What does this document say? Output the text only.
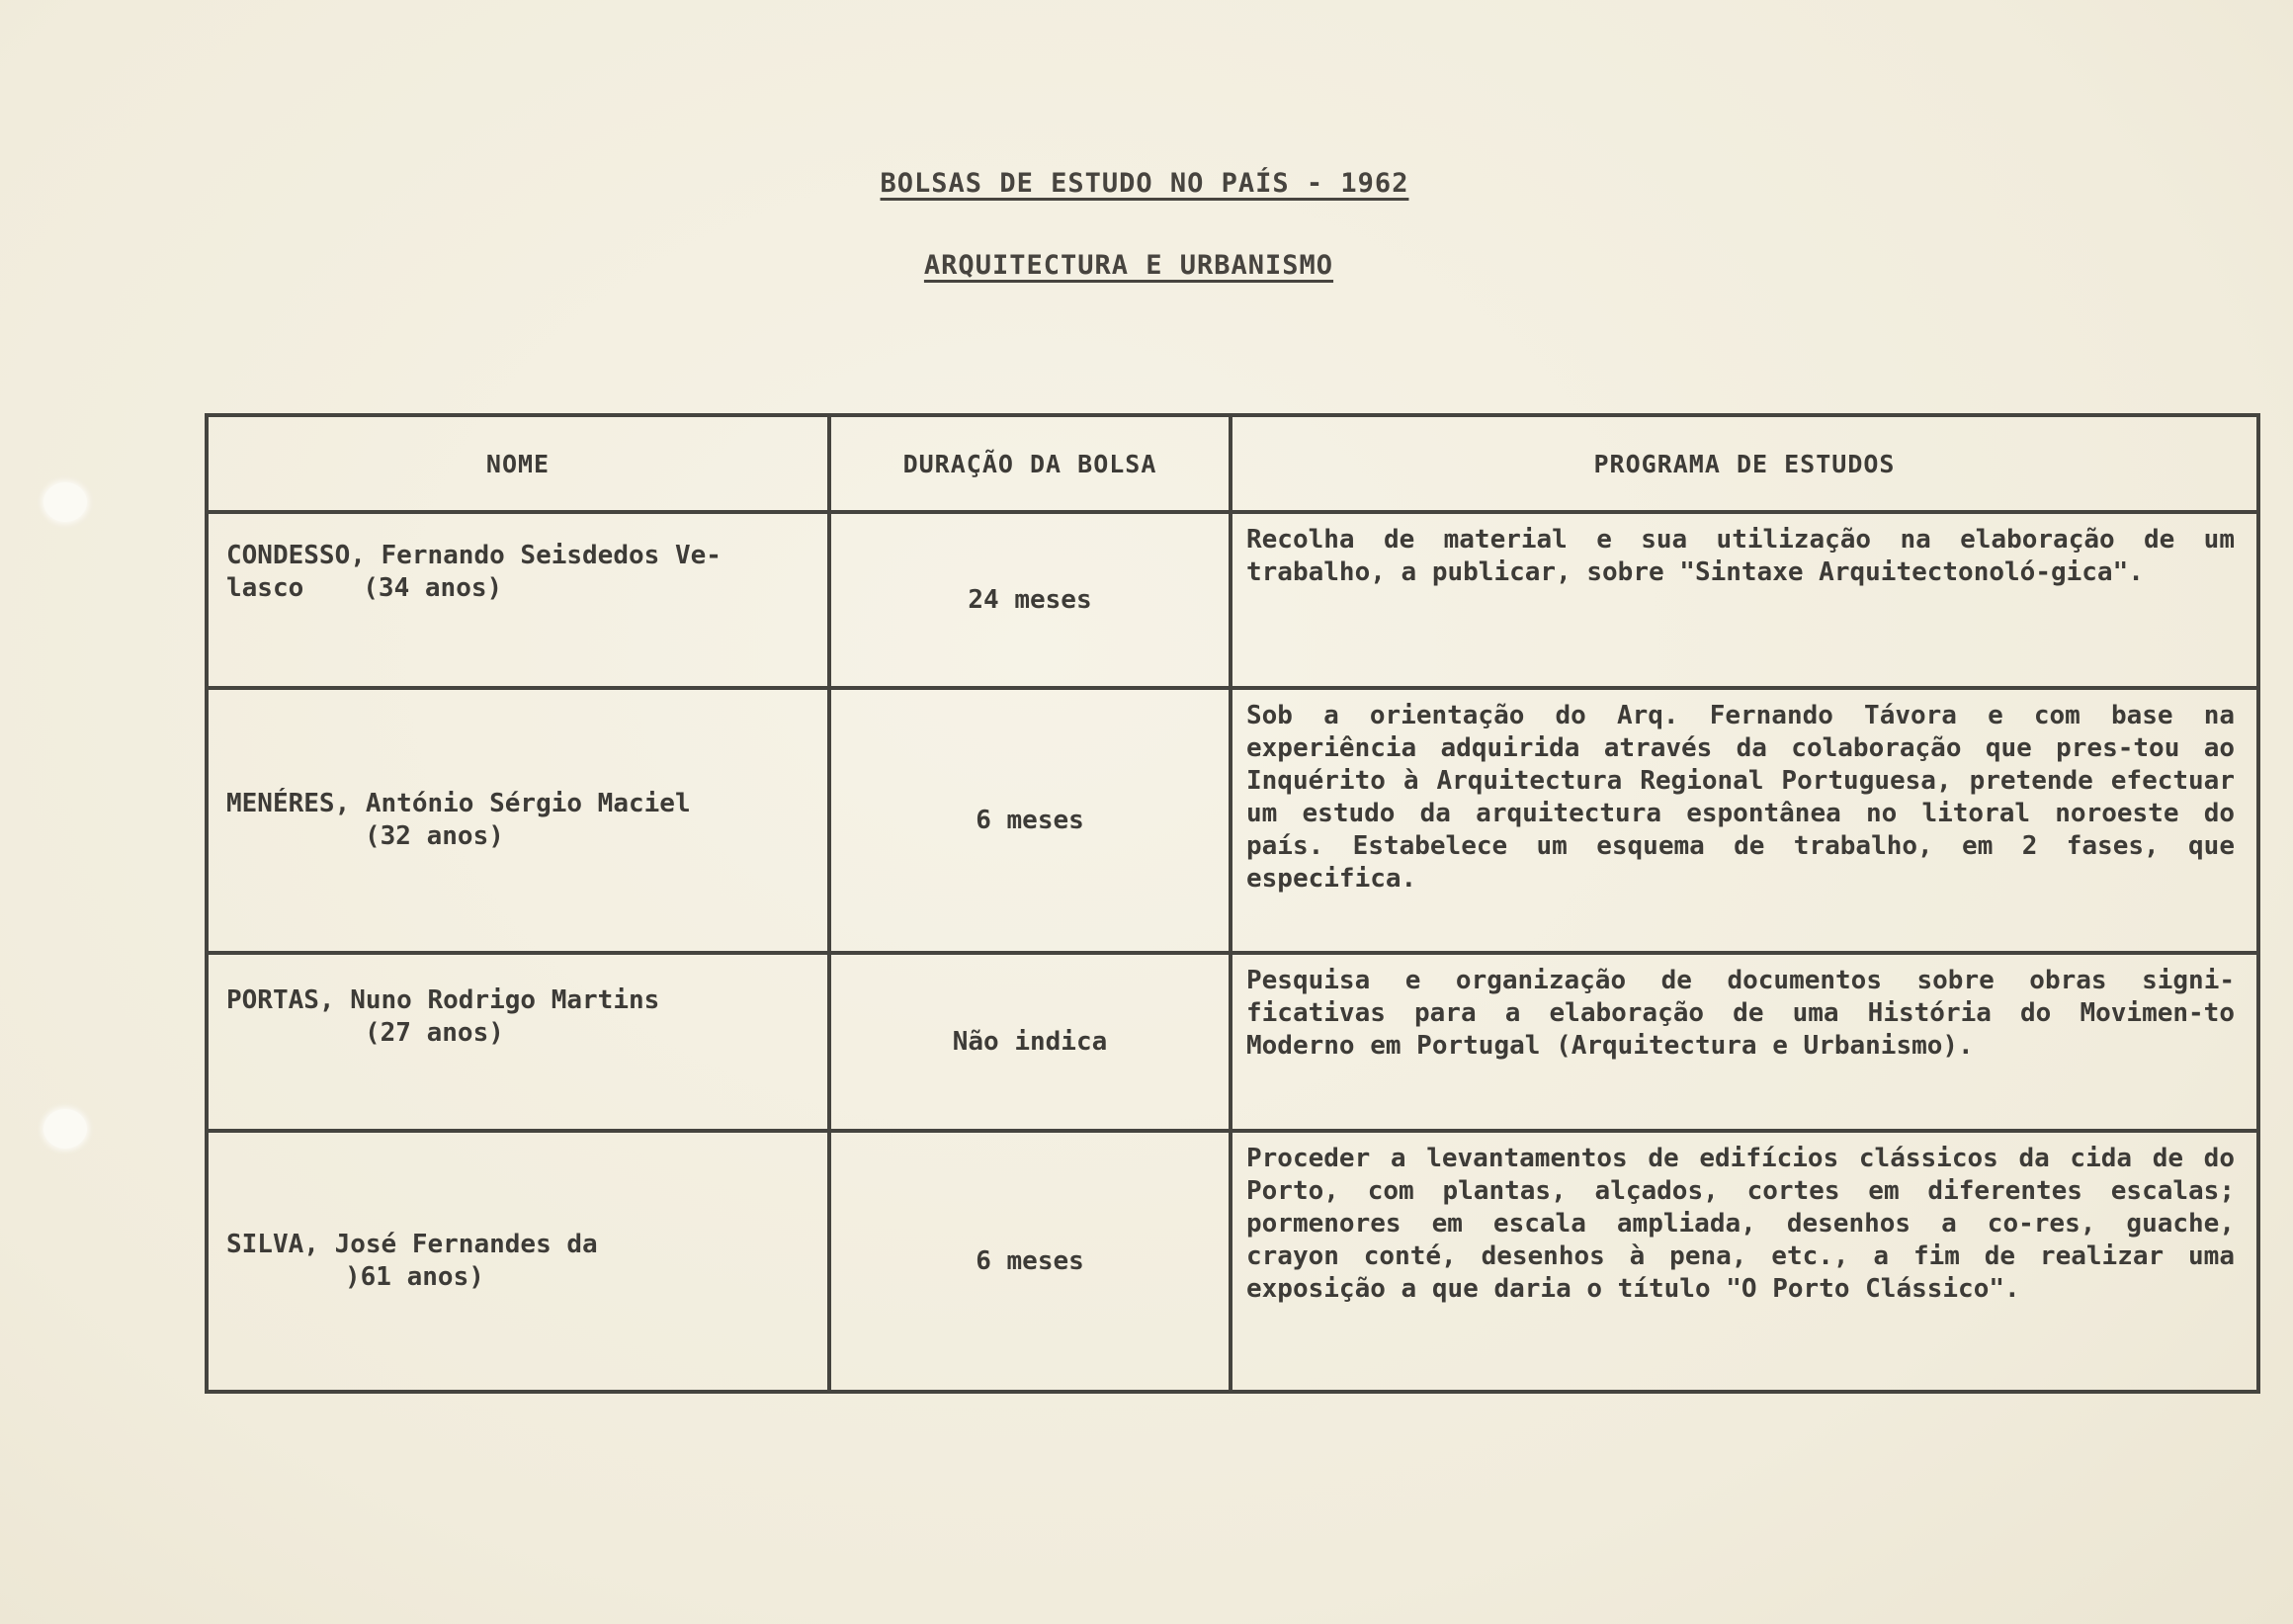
BOLSAS DE ESTUDO NO PAÍS - 1962
ARQUITECTURA E URBANISMO
NOME	DURAÇÃO DA BOLSA	PROGRAMA DE ESTUDOS

CONDESSO, Fernando Seisdedos Ve-
lasco (34 anos)	24 meses	Recolha de material e sua utilização na elaboração de um trabalho, a publicar, sobre "Sintaxe Arquitectonoló-gica".

MENÉRES, António Sérgio Maciel
(32 anos)	6 meses	Sob a orientação do Arq. Fernando Távora e com base na experiência adquirida através da colaboração que pres-tou ao Inquérito à Arquitectura Regional Portuguesa, pretende efectuar um estudo da arquitectura espontânea no litoral noroeste do país. Estabelece um esquema de trabalho, em 2 fases, que especifica.

PORTAS, Nuno Rodrigo Martins
(27 anos)	Não indica	Pesquisa e organização de documentos sobre obras signi-ficativas para a elaboração de uma História do Movimen-to Moderno em Portugal (Arquitectura e Urbanismo).

SILVA, José Fernandes da
)61 anos)	6 meses	Proceder a levantamentos de edifícios clássicos da cida de do Porto, com plantas, alçados, cortes em diferentes escalas; pormenores em escala ampliada, desenhos a co-res, guache, crayon conté, desenhos à pena, etc., a fim de realizar uma exposição a que daria o título "O Porto Clássico".
